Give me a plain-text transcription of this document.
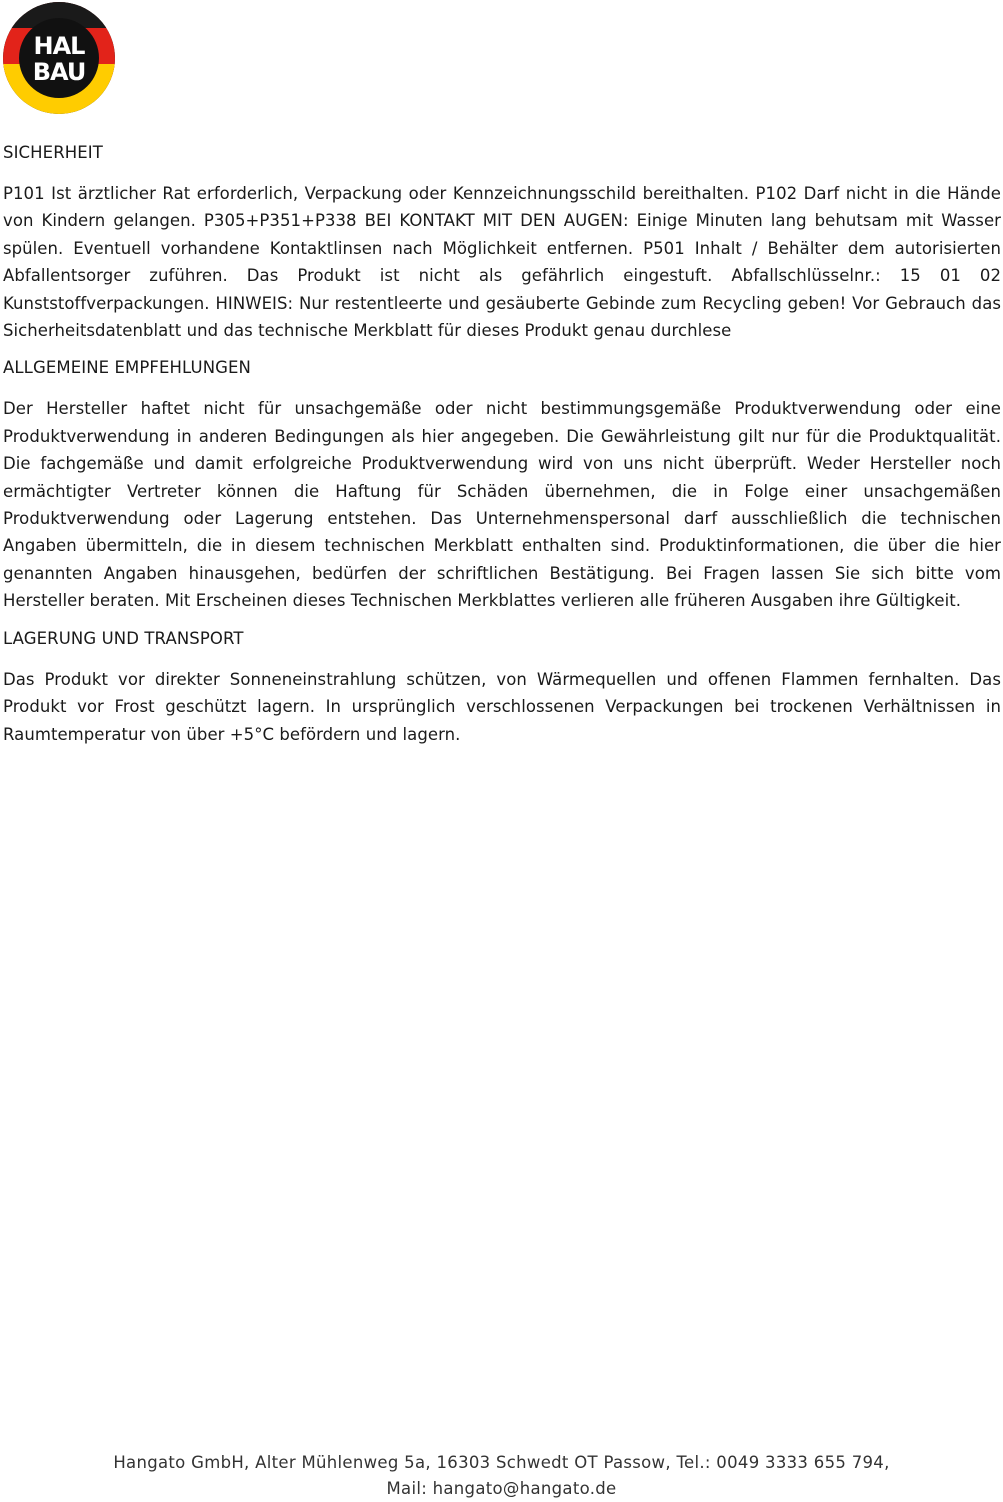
HAL
BAU
SICHERHEIT

P101 Ist ärztlicher Rat erforderlich, Verpackung oder Kennzeichnungsschild bereithalten. P102 Darf nicht in die Hände von Kindern gelangen. P305+P351+P338 BEI KONTAKT MIT DEN AUGEN: Einige Minuten lang behutsam mit Wasser spülen. Eventuell vorhandene Kontaktlinsen nach Möglichkeit entfernen. P501 Inhalt / Behälter dem autorisierten Abfallentsorger zuführen. Das Produkt ist nicht als gefährlich eingestuft. Abfallschlüsselnr.: 15 01 02 Kunststoffverpackungen. HINWEIS: Nur restentleerte und gesäuberte Gebinde zum Recycling geben! Vor Gebrauch das Sicherheitsdatenblatt und das technische Merkblatt für dieses Produkt genau durchlese

ALLGEMEINE EMPFEHLUNGEN

Der Hersteller haftet nicht für unsachgemäße oder nicht bestimmungsgemäße Produktverwendung oder eine Produktverwendung in anderen Bedingungen als hier angegeben. Die Gewährleistung gilt nur für die Produktqualität. Die fachgemäße und damit erfolgreiche Produktverwendung wird von uns nicht überprüft. Weder Hersteller noch ermächtigter Vertreter können die Haftung für Schäden übernehmen, die in Folge einer unsachgemäßen Produktverwendung oder Lagerung entstehen. Das Unternehmenspersonal darf ausschließlich die technischen Angaben übermitteln, die in diesem technischen Merkblatt enthalten sind. Produktinformationen, die über die hier genannten Angaben hinausgehen, bedürfen der schriftlichen Bestätigung. Bei Fragen lassen Sie sich bitte vom Hersteller beraten. Mit Erscheinen dieses Technischen Merkblattes verlieren alle früheren Ausgaben ihre Gültigkeit.

LAGERUNG UND TRANSPORT

Das Produkt vor direkter Sonneneinstrahlung schützen, von Wärmequellen und offenen Flammen fernhalten. Das Produkt vor Frost geschützt lagern. In ursprünglich verschlossenen Verpackungen bei trockenen Verhältnissen in Raumtemperatur von über +5°C befördern und lagern.

Hangato GmbH, Alter Mühlenweg 5a, 16303 Schwedt OT Passow, Tel.: 0049 3333 655 794,
Mail: hangato@hangato.de
